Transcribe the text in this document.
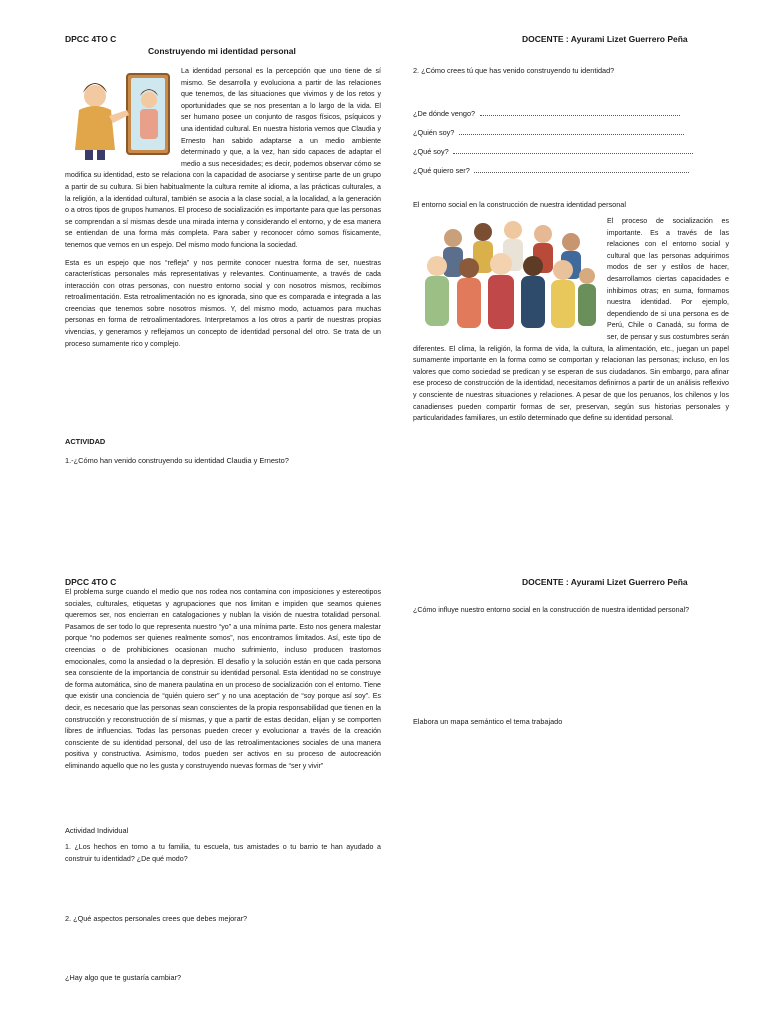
DPCC 4TO C	DOCENTE : Ayurami Lizet Guerrero Peña
Construyendo mi identidad personal

La identidad personal es la percepción que uno tiene de sí mismo. Se desarrolla y evoluciona a partir de las relaciones que tenemos, de las situaciones que vivimos y de los retos y oportunidades que se nos presentan a lo largo de la vida. El ser humano posee un conjunto de rasgos físicos, psíquicos y una identidad cultural. En nuestra historia vemos que Claudia y Ernesto han sabido adaptarse a un medio ambiente determinado y que, a la vez, han sido capaces de adaptar el medio a sus necesidades; es decir, podemos observar cómo se modifica su identidad, esto se relaciona con la capacidad de asociarse y sentirse parte de un grupo a partir de su cultura. Si bien habitualmente la cultura remite al idioma, a las prácticas culturales, a la religión, a la identidad cultural, también se asocia a la clase social, a la localidad, a la generación o a otros tipos de grupos humanos. El proceso de socialización es importante para que las personas se comprendan a sí mismas desde una mirada interna y considerando el entorno, y de esa manera se entiendan de una forma más completa. Para saber y reconocer cómo somos físicamente, tenemos que vernos en un espejo. Del mismo modo funciona la sociedad.

Esta es un espejo que nos “refleja” y nos permite conocer nuestra forma de ser, nuestras características personales más representativas y relevantes. Continuamente, a través de cada interacción con otras personas, con nuestro entorno social y con nosotros mismos, recibimos retroalimentación. Esta retroalimentación no es ignorada, sino que es comparada e integrada a las creencias que tenemos sobre nosotros mismos. Y, del mismo modo, actuamos para muchas personas en forma de retroalimentadores. Interpretamos a los otros a partir de nuestras propias vivencias, y generamos y reflejamos un concepto de identidad personal del otro. Se trata de un proceso sumamente rico y complejo.

ACTIVIDAD
1.-¿Cómo han venido construyendo su identidad Claudia y Ernesto?
2. ¿Cómo crees tú que has venido construyendo tu identidad?
¿De dónde vengo?
¿Quién soy?
¿Qué soy?
¿Qué quiero ser?
El entorno social en la construcción de nuestra identidad personal

El proceso de socialización es importante. Es a través de las relaciones con el entorno social y cultural que las personas adquirimos modos de ser y estilos de hacer, desarrollamos ciertas capacidades e inhibimos otras; en suma, formamos nuestra identidad. Por ejemplo, dependiendo de si una persona es de Perú, Chile o Canadá, su forma de ser, de pensar y sus costumbres serán diferentes. El clima, la religión, la forma de vida, la cultura, la alimentación, etc., juegan un papel sumamente importante en la forma como se comportan y relacionan las personas; incluso, en los valores que como sociedad se predican y se esperan de sus ciudadanos. Sin embargo, para afinar ese proceso de construcción de la identidad, necesitamos definirnos a partir de un análisis reflexivo y consciente de nuestras situaciones y relaciones. A pesar de que los peruanos, los chilenos y los canadienses pueden compartir formas de ser, preservan, según sus historias personales y particularidades familiares, un estilo determinado que define su identidad personal.

DPCC 4TO C	DOCENTE : Ayurami Lizet Guerrero Peña

El problema surge cuando el medio que nos rodea nos contamina con imposiciones y estereotipos sociales, culturales, etiquetas y agrupaciones que nos limitan e impiden que seamos quienes queremos ser, nos encierran en catalogaciones y nublan la visión de nuestra totalidad personal. Pasamos de ser todo lo que representa nuestro “yo” a una mínima parte. Esto nos genera malestar porque “no podemos ser quienes realmente somos”, nos encontramos limitados. Así, este tipo de creencias o de prohibiciones ocasionan mucho sufrimiento, incluso producen trastornos emocionales, como la ansiedad o la depresión. El desafío y la solución están en que cada persona sea consciente de la importancia de construir su identidad personal. Esta identidad no se construye de forma automática, sino de manera paulatina en un proceso de socialización con el entorno. Tiene que existir una conciencia de “quién quiero ser” y no una aceptación de “soy porque así soy”. Es decir, es necesario que las personas sean conscientes de la propia responsabilidad que tienen en la construcción y reconstrucción de sí mismas, y que a partir de estas decidan, elijan y se comporten libres de influencias. Todas las personas pueden crecer y evolucionar a través de la creación consciente de su identidad personal, del uso de las retroalimentaciones sociales de una manera positiva y constructiva. Asimismo, todos pueden ser activos en su proceso de autocreación eliminando aquello que no les gusta y construyendo nuevas formas de “ser y vivir”

Actividad Individual
1. ¿Los hechos en torno a tu familia, tu escuela, tus amistades o tu barrio te han ayudado a construir tu identidad? ¿De qué modo?
2. ¿Qué aspectos personales crees que debes mejorar?
¿Hay algo que te gustaría cambiar?
¿Cómo influye nuestro entorno social en la construcción de nuestra identidad personal?
Elabora un mapa semántico el tema trabajado
